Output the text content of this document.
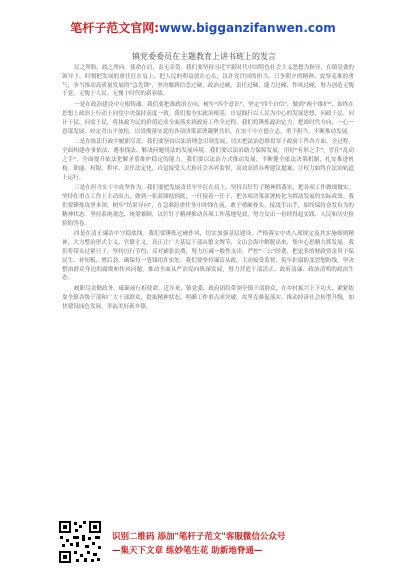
笔杆子范文官网:www.bigganzifanwen.com
镇党委委员在主题教育上讲书班上的发言

民之所盼，政之所向。使命在肩，责无旁贷。我们要坚持习近平新时代中国特色社会主义思想为指导，在镇党委的领导下，时刻把发展的重任扛在肩上，把人民的利益放在心头，以许党许国的担当、只争朝夕的精神、攻坚克难的勇气，争当推动高质量发展的"急先锋"，坚决做到信念过硬、政治过硬、责任过硬、能力过硬、作风过硬，努力创造无愧于党、无愧于人民、无愧于时代的新业绩。

一是在政治建设中立根铸魂。我们要把准政治方向，树牢"四个意识"，坚定"四个自信"，做到"两个维护"，始终在思想上政治上行动上同党中央保持高度一致。我们要夯实政治根基，自觉践行以人民为中心的发展思想，问政于民、问计于民、问需于民，将执政为民的价值追求全面落实到政府工作全过程。我们将锤炼政治定力，把准时代方向，一心一意谋发展，咬定青山不放松，以贯彻落实党的各项决策部署凝聚共识，在实干中立德立志，勇于担当，不断推动发展。

二是在依法行政中履职尽责。我们要坚持以法治理念引领发展，切实把法治思维贯穿于政府工作各方面、全过程，全面构建办事依法、遇事找法、解决问题用法的发展环境。我们要以法治助力保障发展，用好"有形之手"，管住"乱动之手"，全面提升依法化解矛盾维护稳定的能力。我们要以法治方式推动发展，不断健全依法决策机制，扎实推进机构、职能、权限、程序、责任法定化，自觉接受人大和社会各界监督，高效高质办理建议提案，让权力始终在法治轨道上运行。

三是在担当实干中攻坚作为。我们要把发展责任牢牢扛在肩上，坚持以钉钉子精神抓落实，把各项工作做细做实。坚持在重点工作上主动出击，做到一张蓝图绘到底，一任接着一任干，把各项决策部署转化为推动发展的实际成效。我们要锤炼攻坚本领，树牢"结果导向"，在急难险重任务中冲锋在前，敢于啃硬骨头、接烫手山芋，始终保持奋发有为的精神状态。坚持系统观念，统筹兼顾，以钉钉子精神推动各项工作落地见效，努力交出一份经得起实践、人民和历史检验的答卷。

四是在清正廉洁中守稳底线。我们要锤炼过硬作风，切实加强基层建设，严格落实中央八项规定及其实施细则精神，大力整治形式主义、官僚主义，真正让广大基层干部从繁文缛节、文山会海中解脱出来，集中心思精力抓发展。我们将带头过紧日子，坚持厉行节约、反对铺张浪费，努力压减一般性支出。严控"三公"经费，把更多的财政资金用于保民生、补短板、增后劲。确保每一笔钱用在实处。我们要坚持廉洁从政，主动接受监督，筑牢拒腐防变思想防线，坚决整治群众身边的腐败和作风问题，推动全面从严治党向纵深发展，努力营造干部清正、政府清廉、政治清明的政治生态。

履职尽责勤政务，砥砺前行担使命。近年来，镇党委、政府团结带领全镇干部群众，在乡村振兴上下功夫，紧紧依靠全镇各级干部和广大干部群众，提振精神状态，明确工作重点求突破，攻坚克难促落实，推动经济社会转型升级，加快建设绿色发展、幸福美好新乡镇。

识别二维码 添加"笔杆子范文"客服微信公众号
—集天下文章 练妙笔生花 助新地脊通—
